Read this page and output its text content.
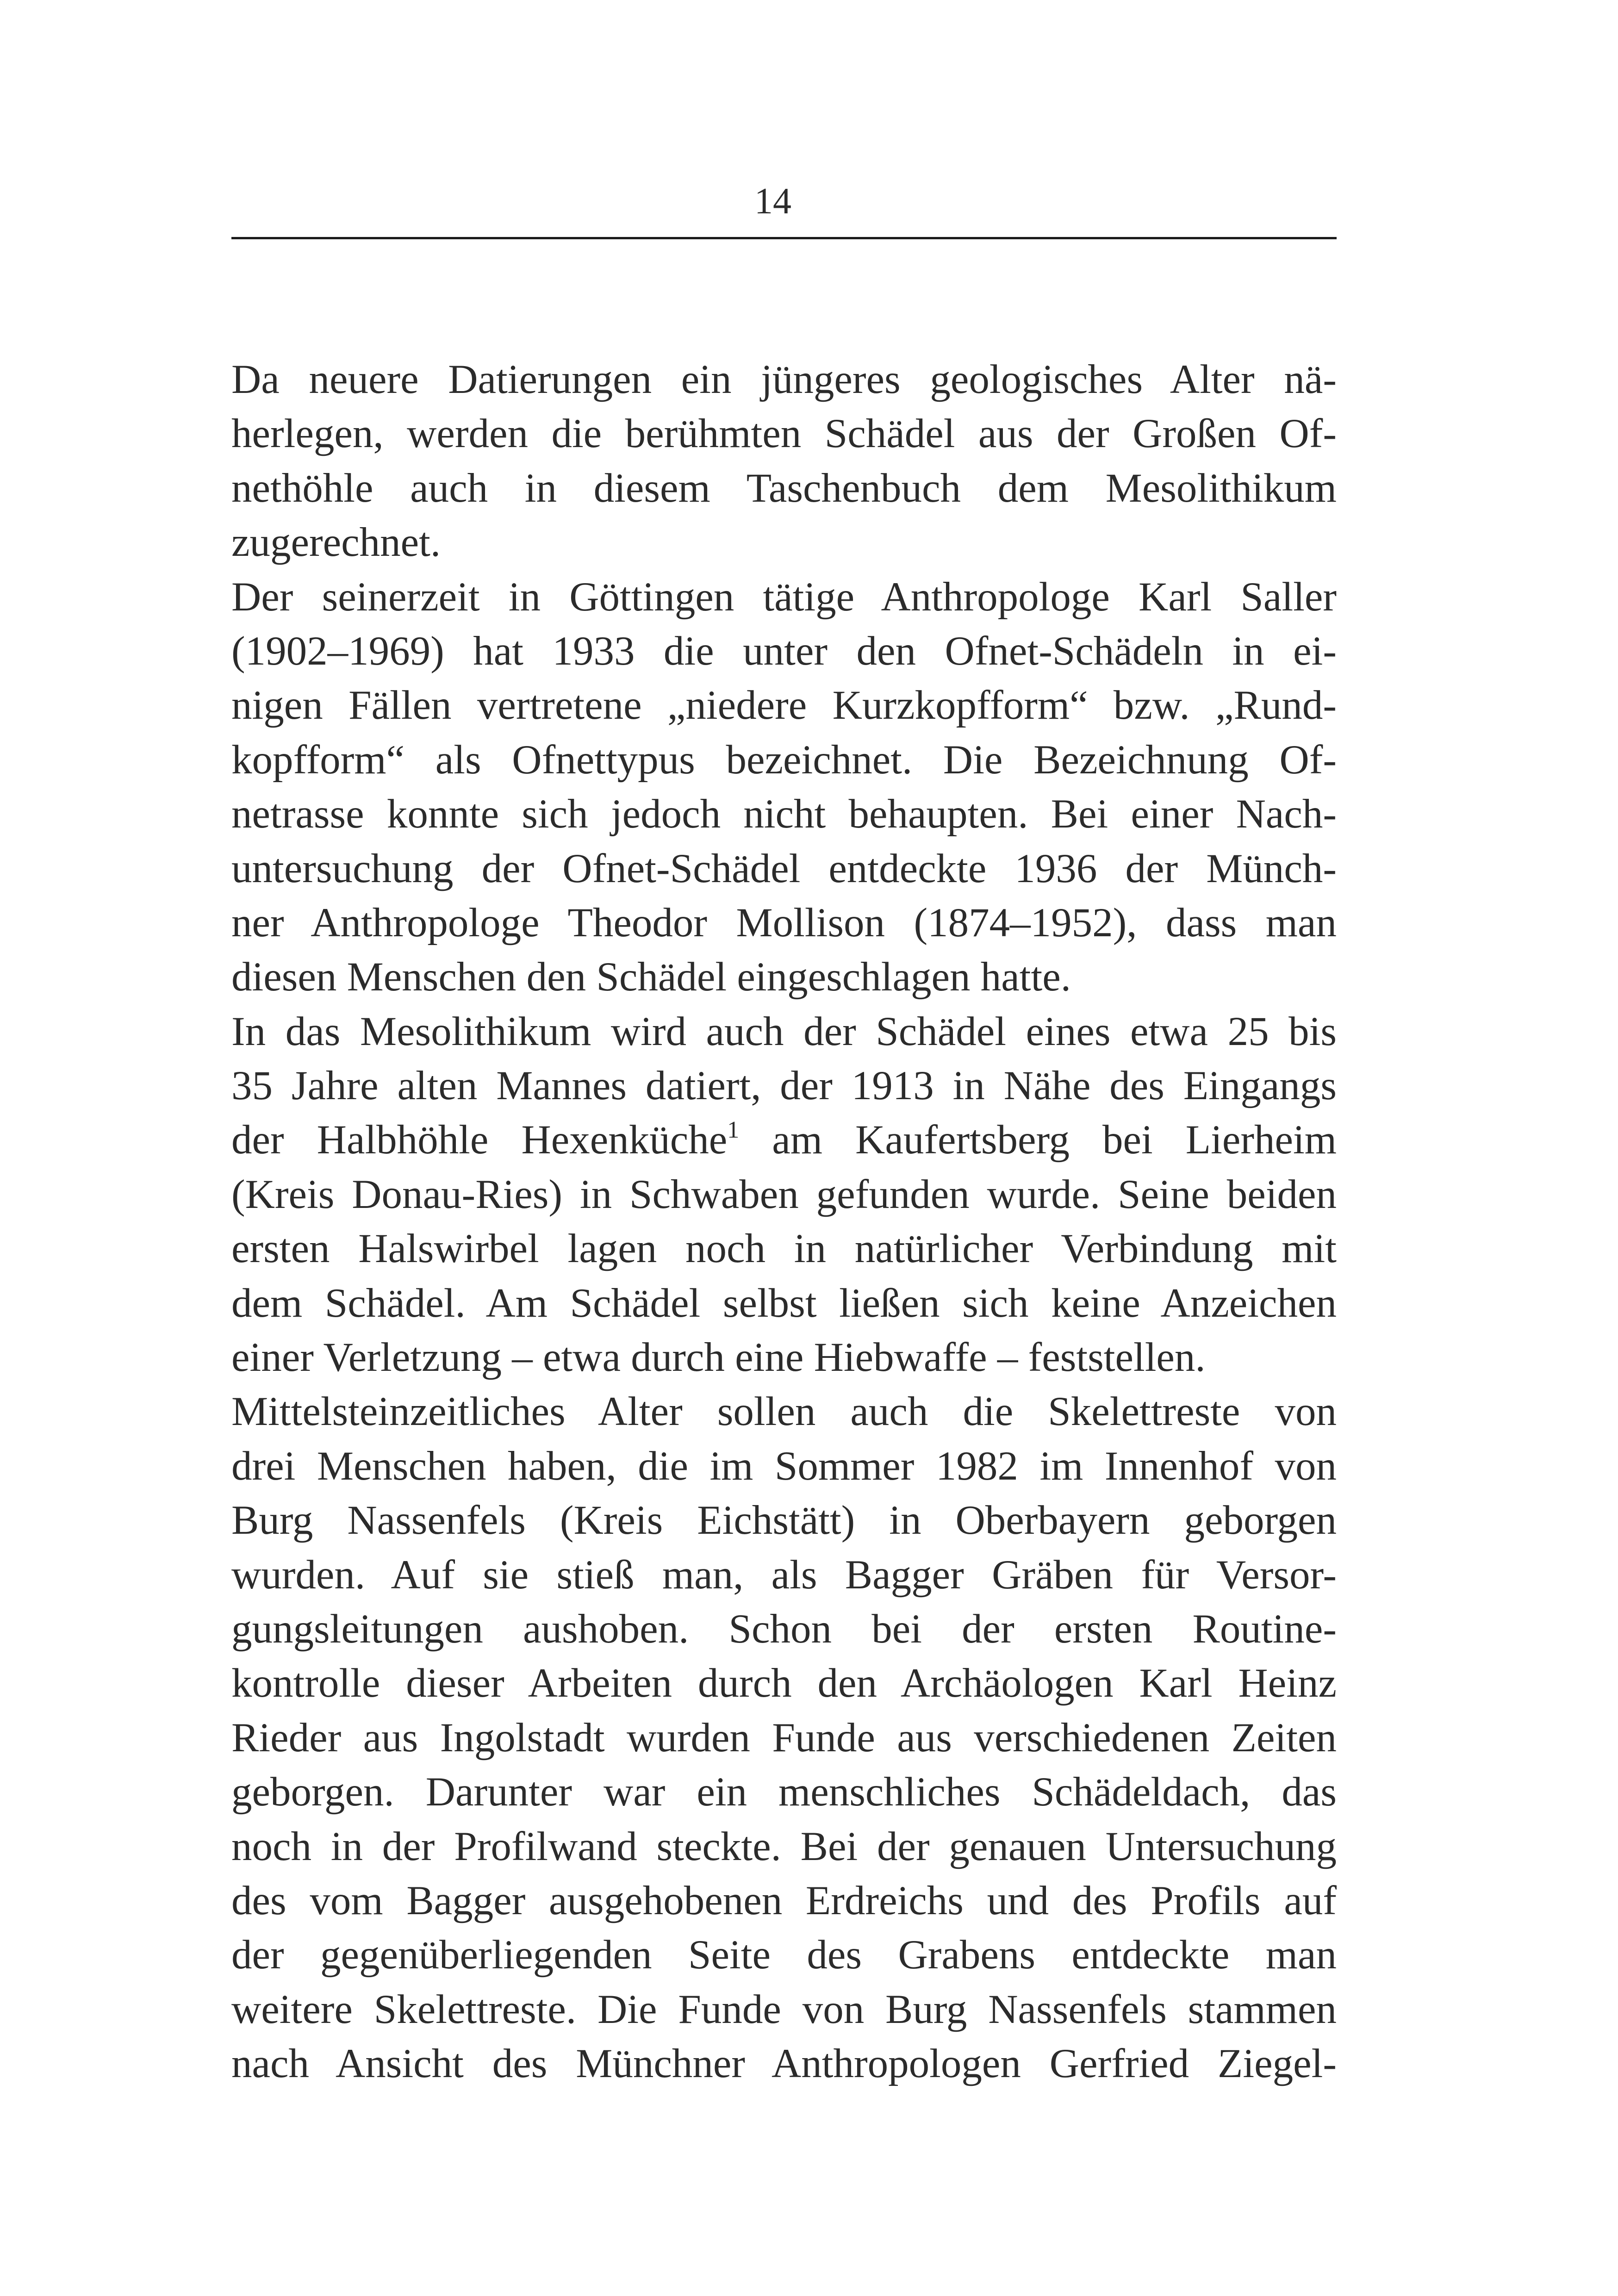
14
Da neuere Datierungen ein jüngeres geologisches Alter nä-
herlegen, werden die berühmten Schädel aus der Großen Of-
nethöhle auch in diesem Taschenbuch dem Mesolithikum
zugerechnet.
Der seinerzeit in Göttingen tätige Anthropologe Karl Saller
(1902–1969) hat 1933 die unter den Ofnet-Schädeln in ei-
nigen Fällen vertretene „niedere Kurzkopfform“ bzw. „Rund-
kopfform“ als Ofnettypus bezeichnet. Die Bezeichnung Of-
netrasse konnte sich jedoch nicht behaupten. Bei einer Nach-
untersuchung der Ofnet-Schädel entdeckte 1936 der Münch-
ner Anthropologe Theodor Mollison (1874–1952), dass man
diesen Menschen den Schädel eingeschlagen hatte.
In das Mesolithikum wird auch der Schädel eines etwa 25 bis
35 Jahre alten Mannes datiert, der 1913 in Nähe des Eingangs
der Halbhöhle Hexenküche$^1$ am Kaufertsberg bei Lierheim
(Kreis Donau-Ries) in Schwaben gefunden wurde. Seine beiden
ersten Halswirbel lagen noch in natürlicher Verbindung mit
dem Schädel. Am Schädel selbst ließen sich keine Anzeichen
einer Verletzung – etwa durch eine Hiebwaffe – feststellen.
Mittelsteinzeitliches Alter sollen auch die Skelettreste von
drei Menschen haben, die im Sommer 1982 im Innenhof von
Burg Nassenfels (Kreis Eichstätt) in Oberbayern geborgen
wurden. Auf sie stieß man, als Bagger Gräben für Versor-
gungsleitungen aushoben. Schon bei der ersten Routine-
kontrolle dieser Arbeiten durch den Archäologen Karl Heinz
Rieder aus Ingolstadt wurden Funde aus verschiedenen Zeiten
geborgen. Darunter war ein menschliches Schädeldach, das
noch in der Profilwand steckte. Bei der genauen Untersuchung
des vom Bagger ausgehobenen Erdreichs und des Profils auf
der gegenüberliegenden Seite des Grabens entdeckte man
weitere Skelettreste. Die Funde von Burg Nassenfels stammen
nach Ansicht des Münchner Anthropologen Gerfried Ziegel-
